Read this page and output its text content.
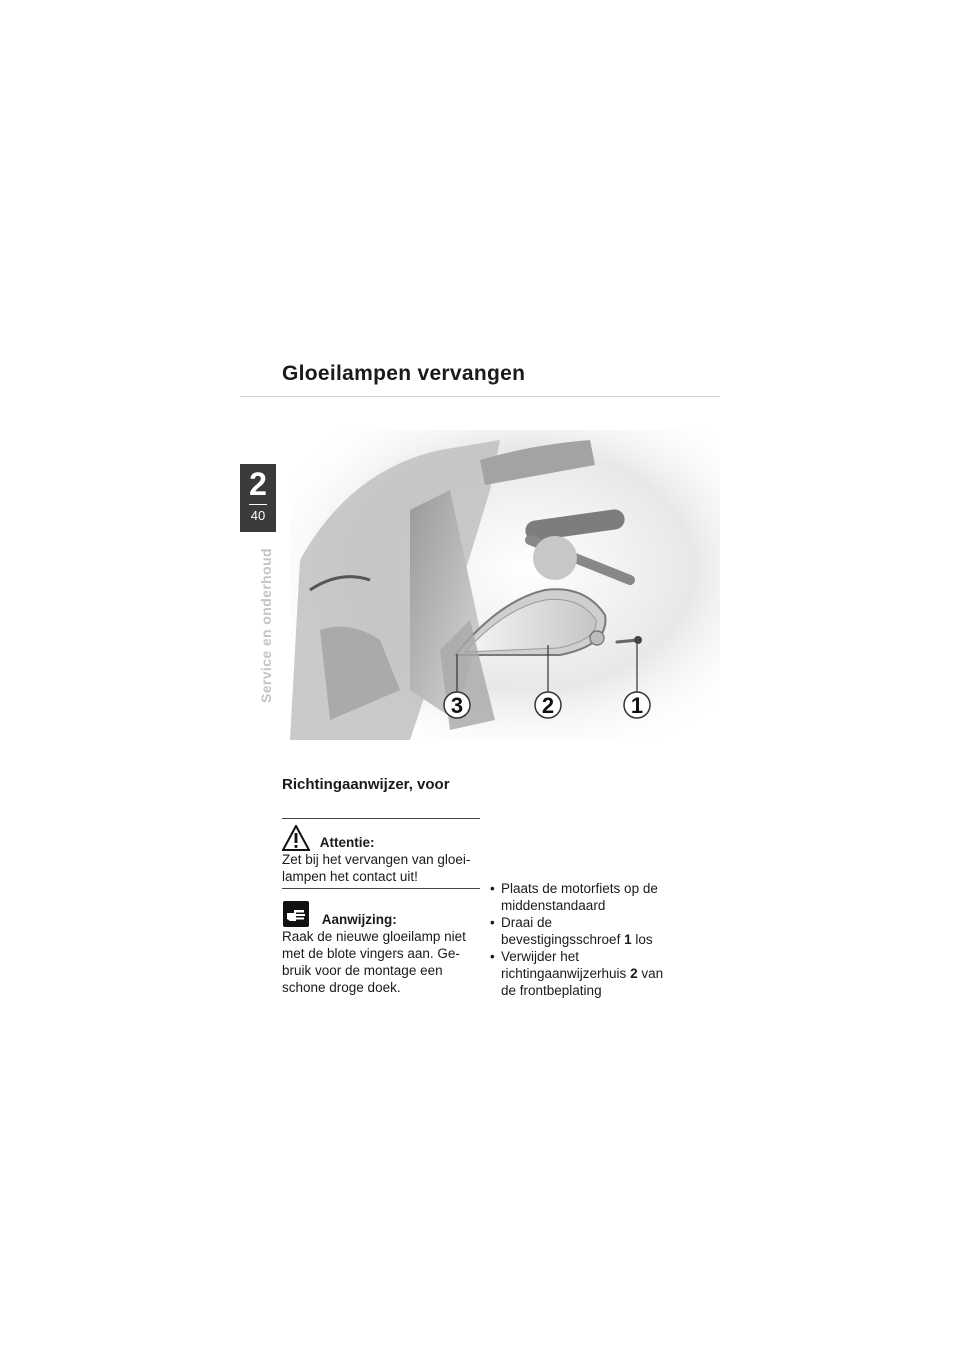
Gloeilampen vervangen
2
40
Service en onderhoud
3	2	1
Richtingaanwijzer, voor
Attentie:
Zet bij het vervangen van gloei-
lampen het contact uit!
Aanwijzing:
Raak de nieuwe gloeilamp niet
met de blote vingers aan. Ge-
bruik voor de montage een
schone droge doek.
• Plaats de motorfiets op de
middenstandaard
• Draai de
bevestigingsschroef 1 los
• Verwijder het
richtingaanwijzerhuis 2 van
de frontbeplating
